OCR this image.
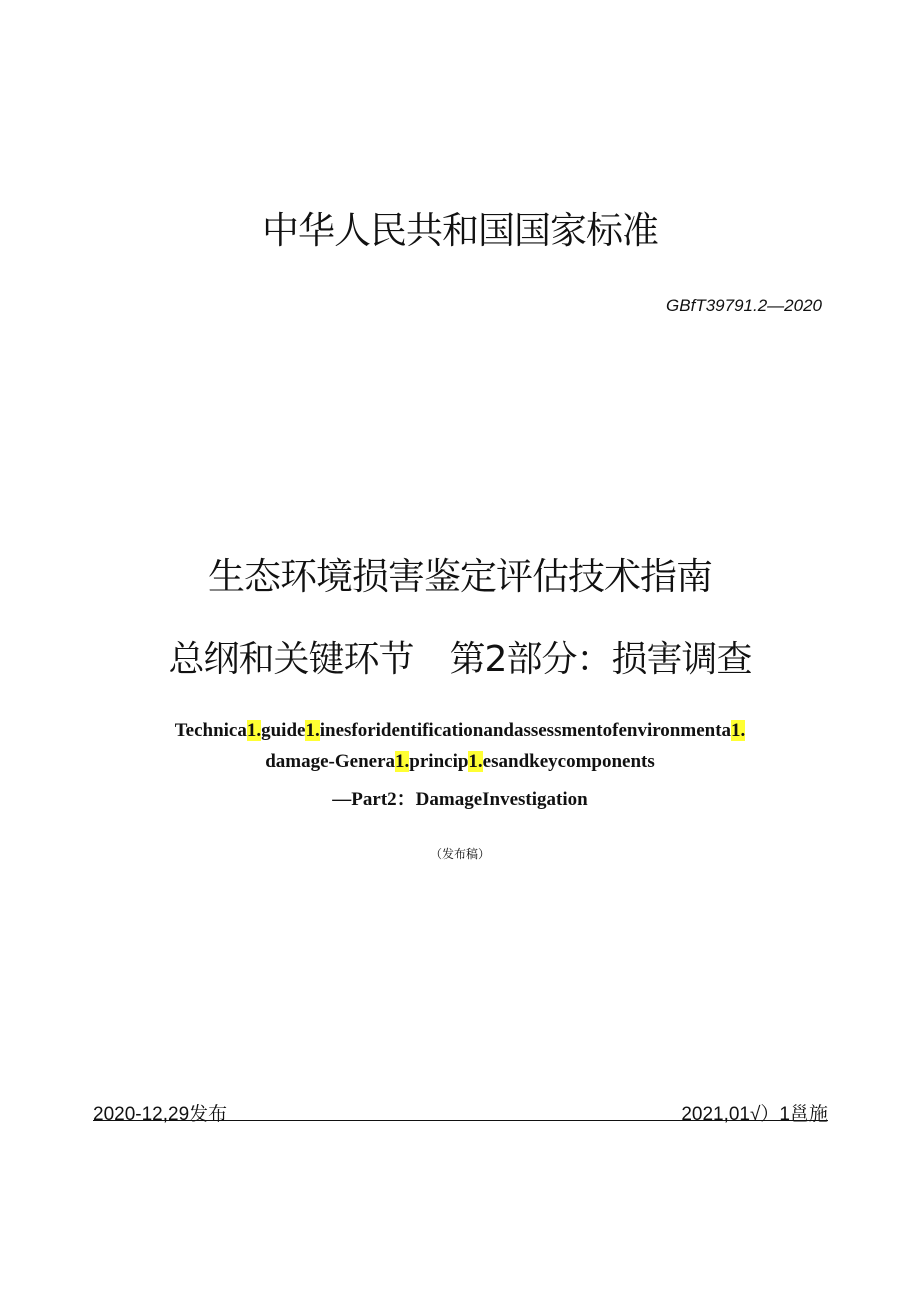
中华人民共和国国家标准
GBfT39791.2—2020
生态环境损害鉴定评估技术指南
总纲和关键环节 第2部分：损害调查
Technica1.guide1.inesforidentificationandassessmentofenvironmenta1.
damage-Genera1.princip1.esandkeycomponents
—Part2：DamageInvestigation
（发布稿）
2020-12,29发布	2021,01√）1邕施
